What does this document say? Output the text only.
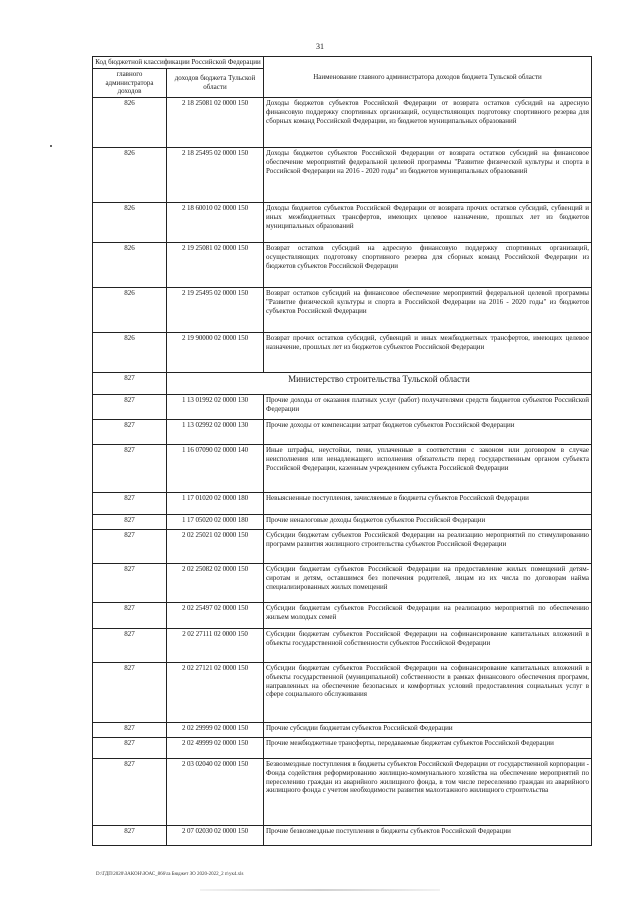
31
Код бюджетной классификации Российской Федерации		Наименование главного администратора доходов бюджета Тульской области
главного администратора доходов	доходов бюджета Тульской области	
826	2 18 25081 02 0000 150	Доходы бюджетов субъектов Российской Федерации от возврата остатков субсидий на адресную финансовую поддержку спортивных организаций, осуществляющих подготовку спортивного резерва для сборных команд Российской Федерации, из бюджетов муниципальных образований
826	2 18 25495 02 0000 150	Доходы бюджетов субъектов Российской Федерации от возврата остатков субсидий на финансовое обеспечение мероприятий федеральной целевой программы "Развитие физической культуры и спорта в Российской Федерации на 2016 - 2020 годы" из бюджетов муниципальных образований
826	2 18 60010 02 0000 150	Доходы бюджетов субъектов Российской Федерации от возврата прочих остатков субсидий, субвенций и иных межбюджетных трансфертов, имеющих целевое назначение, прошлых лет из бюджетов муниципальных образований
826	2 19 25081 02 0000 150	Возврат остатков субсидий на адресную финансовую поддержку спортивных организаций, осуществляющих подготовку спортивного резерва для сборных команд Российской Федерации из бюджетов субъектов Российской Федерации
826	2 19 25495 02 0000 150	Возврат остатков субсидий на финансовое обеспечение мероприятий федеральной целевой программы "Развитие физической культуры и спорта в Российской Федерации на 2016 - 2020 годы" из бюджетов субъектов Российской Федерации
826	2 19 90000 02 0000 150	Возврат прочих остатков субсидий, субвенций и иных межбюджетных трансфертов, имеющих целевое назначение, прошлых лет из бюджетов субъектов Российской Федерации
827	Министерство строительства Тульской области	
827	1 13 01992 02 0000 130	Прочие доходы от оказания платных услуг (работ) получателями средств бюджетов субъектов Российской Федерации
827	1 13 02992 02 0000 130	Прочие доходы от компенсации затрат бюджетов субъектов Российской Федерации
827	1 16 07090 02 0000 140	Иные штрафы, неустойки, пени, уплаченные в соответствии с законом или договором в случае неисполнения или ненадлежащего исполнения обязательств перед государственным органом субъекта Российской Федерации, казенным учреждением субъекта Российской Федерации
827	1 17 01020 02 0000 180	Невыясненные поступления, зачисляемые в бюджеты субъектов Российской Федерации
827	1 17 05020 02 0000 180	Прочие неналоговые доходы бюджетов субъектов Российской Федерации
827	2 02 25021 02 0000 150	Субсидии бюджетам субъектов Российской Федерации на реализацию мероприятий по стимулированию программ развития жилищного строительства субъектов Российской Федерации
827	2 02 25082 02 0000 150	Субсидии бюджетам субъектов Российской Федерации на предоставление жилых помещений детям-сиротам и детям, оставшимся без попечения родителей, лицам из их числа по договорам найма специализированных жилых помещений
827	2 02 25497 02 0000 150	Субсидии бюджетам субъектов Российской Федерации на реализацию мероприятий по обеспечению жильем молодых семей
827	2 02 27111 02 0000 150	Субсидии бюджетам субъектов Российской Федерации на софинансирование капитальных вложений в объекты государственной собственности субъектов Российской Федерации
827	2 02 27121 02 0000 150	Субсидии бюджетам субъектов Российской Федерации на софинансирование капитальных вложений в объекты государственной (муниципальной) собственности в рамках финансового обеспечения программ, направленных на обеспечение безопасных и комфортных условий предоставления социальных услуг в сфере социального обслуживания
827	2 02 29999 02 0000 150	Прочие субсидии бюджетам субъектов Российской Федерации
827	2 02 49999 02 0000 150	Прочие межбюджетные трансферты, передаваемые бюджетам субъектов Российской Федерации
827	2 03 02040 02 0000 150	Безвозмездные поступления в бюджеты субъектов Российской Федерации от государственной корпорации - Фонда содействия реформированию жилищно-коммунального хозяйства на обеспечение мероприятий по переселению граждан из аварийного жилищного фонда, в том числе переселению граждан из аварийного жилищного фонда с учетом необходимости развития малоэтажного жилищного строительства
827	2 07 02030 02 0000 150	Прочие безвозмездные поступления в бюджеты субъектов Российской Федерации
D:\ГДП\2020\ЗАКОН\ЗОАС_866\ra Бюджет ЗО 2020-2022_2 п\ук4.xls
